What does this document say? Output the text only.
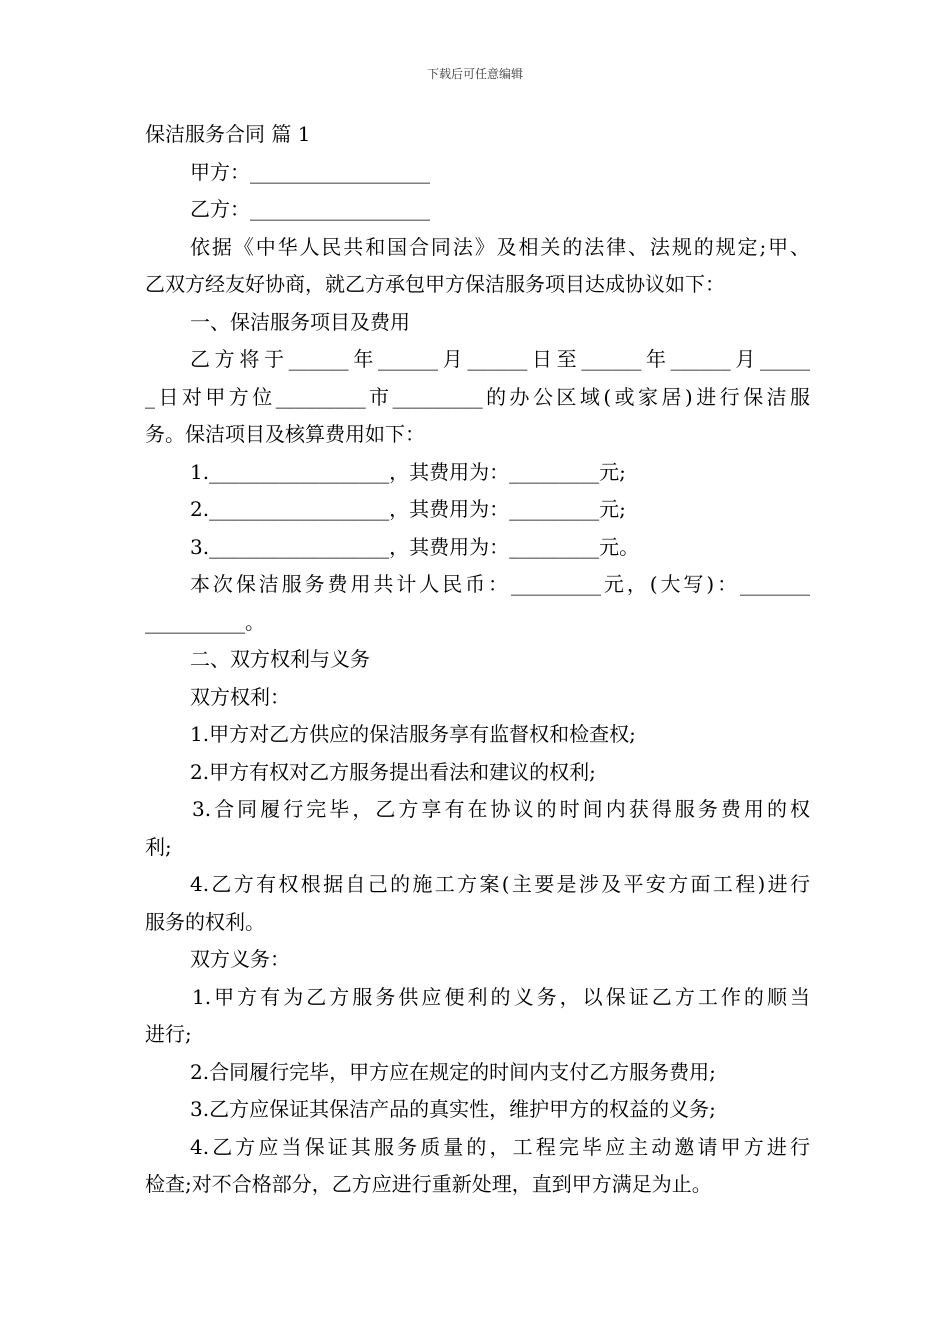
下载后可任意编辑

保洁服务合同 篇 1

甲方：__________________

乙方：__________________

依据《中华人民共和国合同法》及相关的法律、法规的规定;甲、

乙双方经友好协商，就乙方承包甲方保洁服务项目达成协议如下：

一、保洁服务项目及费用

乙方将于______年______月______日至______年______月_____

_日对甲方位_________市_________的办公区域(或家居)进行保洁服

务。保洁项目及核算费用如下：

1.__________________，其费用为：_________元;

2.__________________，其费用为：_________元;

3.__________________，其费用为：_________元。

本次保洁服务费用共计人民币：_________元，(大写)：_______

__________。

二、双方权利与义务

双方权利：

1.甲方对乙方供应的保洁服务享有监督权和检查权;

2.甲方有权对乙方服务提出看法和建议的权利;

3.合同履行完毕，乙方享有在协议的时间内获得服务费用的权

利;

4.乙方有权根据自己的施工方案(主要是涉及平安方面工程)进行

服务的权利。

双方义务：

1.甲方有为乙方服务供应便利的义务，以保证乙方工作的顺当

进行;

2.合同履行完毕，甲方应在规定的时间内支付乙方服务费用;

3.乙方应保证其保洁产品的真实性，维护甲方的权益的义务;

4.乙方应当保证其服务质量的，工程完毕应主动邀请甲方进行

检查;对不合格部分，乙方应进行重新处理，直到甲方满足为止。
